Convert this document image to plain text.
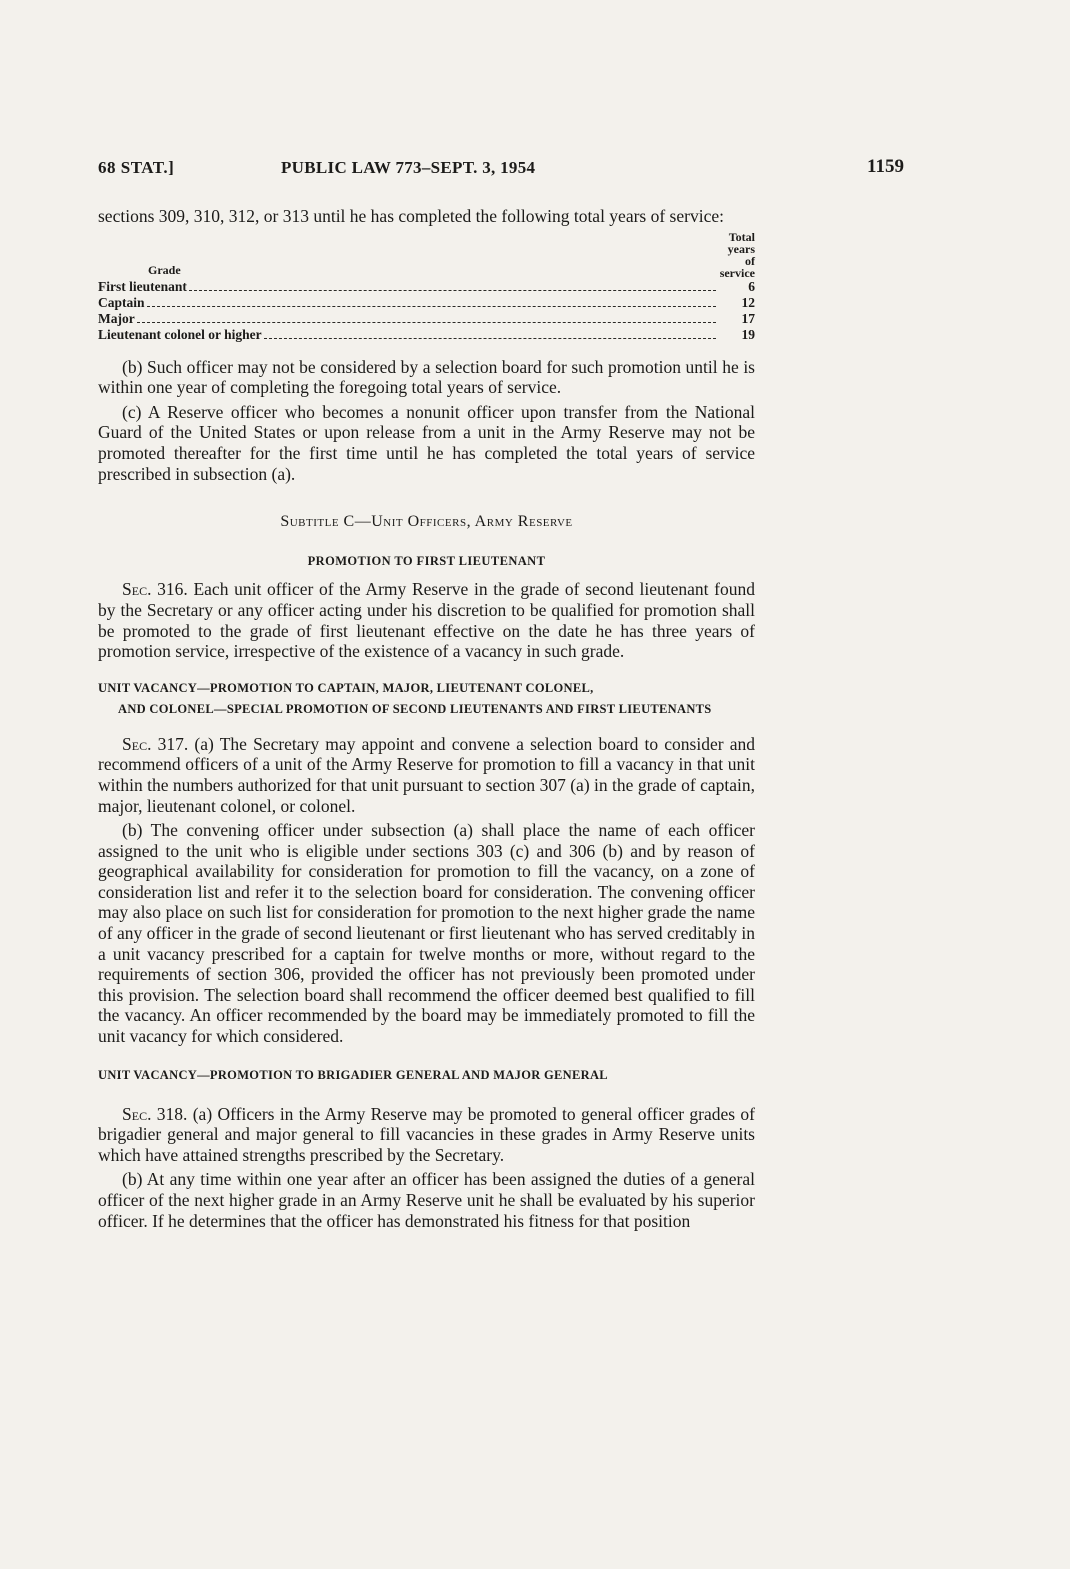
68 STAT.]	PUBLIC LAW 773–SEPT. 3, 1954	1159

sections 309, 310, 312, or 313 until he has completed the following total years of service:

Grade	Total years
of service

First lieutenant	6

Captain	12

Major	17

Lieutenant colonel or higher	19

(b) Such officer may not be considered by a selection board for such promotion until he is within one year of completing the foregoing total years of service.

(c) A Reserve officer who becomes a nonunit officer upon transfer from the National Guard of the United States or upon release from a unit in the Army Reserve may not be promoted thereafter for the first time until he has completed the total years of service prescribed in subsection (a).

Subtitle C—Unit Officers, Army Reserve
PROMOTION TO FIRST LIEUTENANT

Sec. 316. Each unit officer of the Army Reserve in the grade of second lieutenant found by the Secretary or any officer acting under his discretion to be qualified for promotion shall be promoted to the grade of first lieutenant effective on the date he has three years of promotion service, irrespective of the existence of a vacancy in such grade.

UNIT VACANCY—PROMOTION TO CAPTAIN, MAJOR, LIEUTENANT COLONEL,
AND COLONEL—SPECIAL PROMOTION OF SECOND LIEUTENANTS AND FIRST LIEUTENANTS

Sec. 317. (a) The Secretary may appoint and convene a selection board to consider and recommend officers of a unit of the Army Reserve for promotion to fill a vacancy in that unit within the numbers authorized for that unit pursuant to section 307 (a) in the grade of captain, major, lieutenant colonel, or colonel.

(b) The convening officer under subsection (a) shall place the name of each officer assigned to the unit who is eligible under sections 303 (c) and 306 (b) and by reason of geographical availability for consideration for promotion to fill the vacancy, on a zone of consideration list and refer it to the selection board for consideration. The convening officer may also place on such list for consideration for promotion to the next higher grade the name of any officer in the grade of second lieutenant or first lieutenant who has served creditably in a unit vacancy prescribed for a captain for twelve months or more, without regard to the requirements of section 306, provided the officer has not previously been promoted under this provision. The selection board shall recommend the officer deemed best qualified to fill the vacancy. An officer recommended by the board may be immediately promoted to fill the unit vacancy for which considered.

UNIT VACANCY—PROMOTION TO BRIGADIER GENERAL AND MAJOR GENERAL

Sec. 318. (a) Officers in the Army Reserve may be promoted to general officer grades of brigadier general and major general to fill vacancies in these grades in Army Reserve units which have attained strengths prescribed by the Secretary.

(b) At any time within one year after an officer has been assigned the duties of a general officer of the next higher grade in an Army Reserve unit he shall be evaluated by his superior officer. If he determines that the officer has demonstrated his fitness for that position
